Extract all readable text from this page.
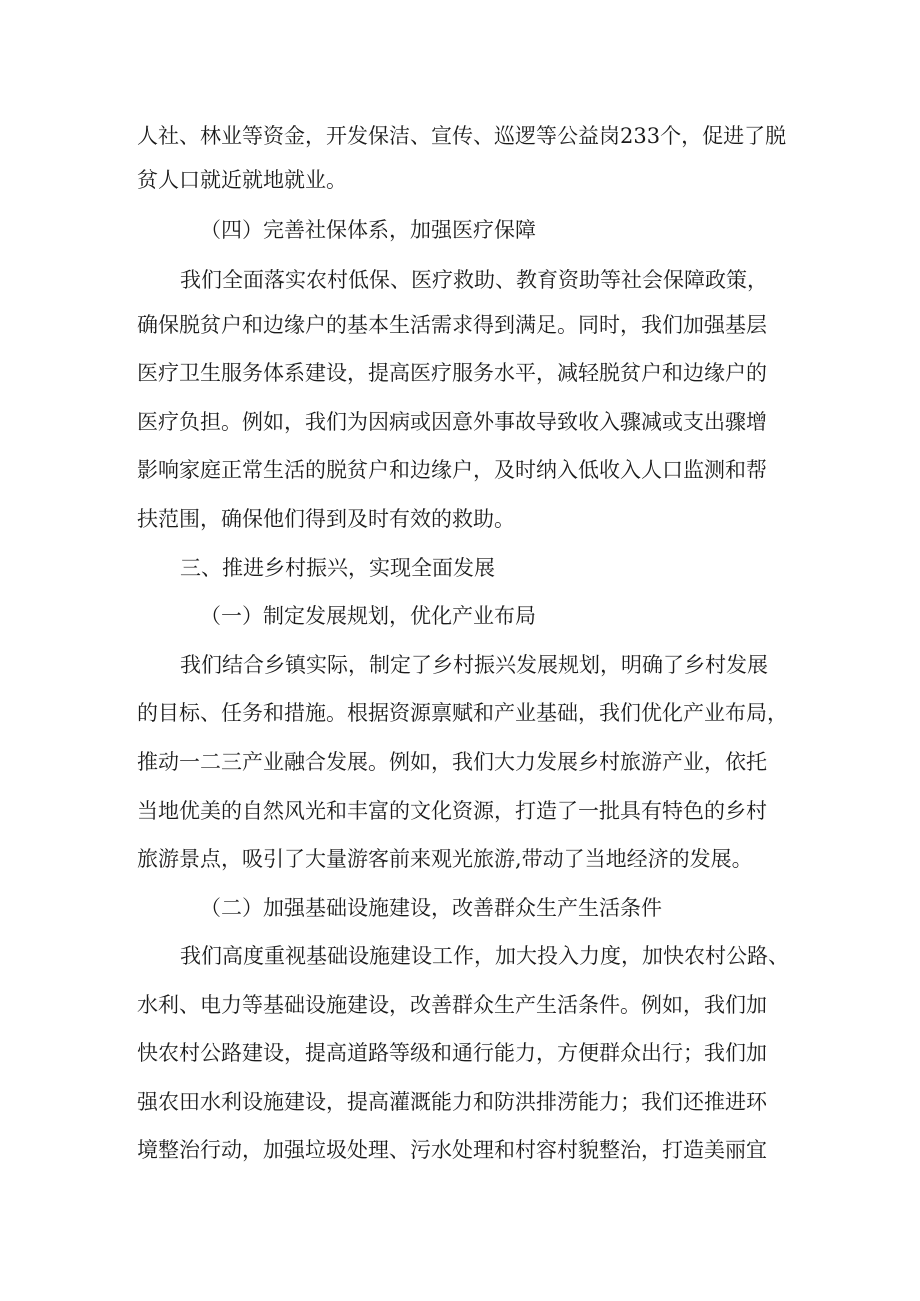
人社、林业等资金，开发保洁、宣传、巡逻等公益岗233个，促进了脱
贫人口就近就地就业。
（四）完善社保体系，加强医疗保障
我们全面落实农村低保、医疗救助、教育资助等社会保障政策，
确保脱贫户和边缘户的基本生活需求得到满足。同时，我们加强基层
医疗卫生服务体系建设，提高医疗服务水平，减轻脱贫户和边缘户的
医疗负担。例如，我们为因病或因意外事故导致收入骤减或支出骤增
影响家庭正常生活的脱贫户和边缘户，及时纳入低收入人口监测和帮
扶范围，确保他们得到及时有效的救助。
三、推进乡村振兴，实现全面发展
（一）制定发展规划，优化产业布局
我们结合乡镇实际，制定了乡村振兴发展规划，明确了乡村发展
的目标、任务和措施。根据资源禀赋和产业基础，我们优化产业布局，
推动一二三产业融合发展。例如，我们大力发展乡村旅游产业，依托
当地优美的自然风光和丰富的文化资源，打造了一批具有特色的乡村
旅游景点，吸引了大量游客前来观光旅游,带动了当地经济的发展。
（二）加强基础设施建设，改善群众生产生活条件
我们高度重视基础设施建设工作，加大投入力度，加快农村公路、
水利、电力等基础设施建设，改善群众生产生活条件。例如，我们加
快农村公路建设，提高道路等级和通行能力，方便群众出行；我们加
强农田水利设施建设，提高灌溉能力和防洪排涝能力；我们还推进环
境整治行动，加强垃圾处理、污水处理和村容村貌整治，打造美丽宜
